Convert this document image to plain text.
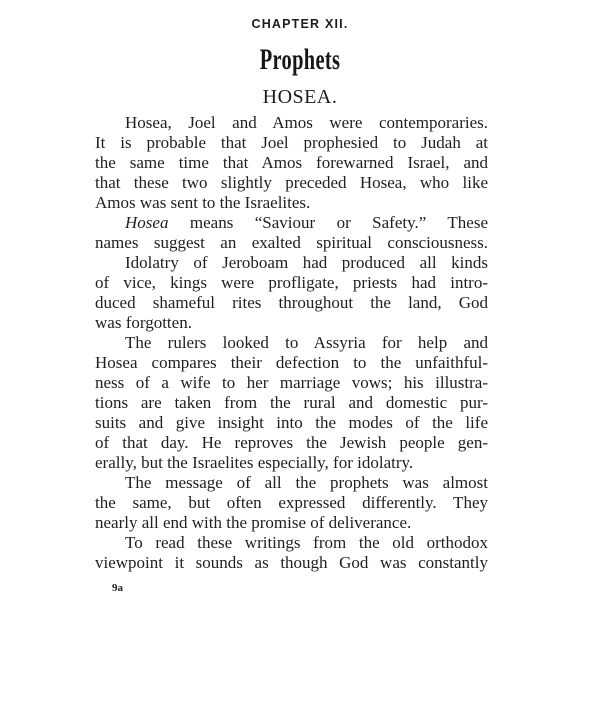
CHAPTER XII.
Prophets
HOSEA.
Hosea, Joel and Amos were contemporaries.
It is probable that Joel prophesied to Judah at
the same time that Amos forewarned Israel, and
that these two slightly preceded Hosea, who like
Amos was sent to the Israelites.
Hosea means “Saviour or Safety.” These
names suggest an exalted spiritual consciousness.
Idolatry of Jeroboam had produced all kinds
of vice, kings were profligate, priests had intro-
duced shameful rites throughout the land, God
was forgotten.
The rulers looked to Assyria for help and
Hosea compares their defection to the unfaithful-
ness of a wife to her marriage vows; his illustra-
tions are taken from the rural and domestic pur-
suits and give insight into the modes of the life
of that day. He reproves the Jewish people gen-
erally, but the Israelites especially, for idolatry.
The message of all the prophets was almost
the same, but often expressed differently. They
nearly all end with the promise of deliverance.
To read these writings from the old orthodox
viewpoint it sounds as though God was constantly
9a
